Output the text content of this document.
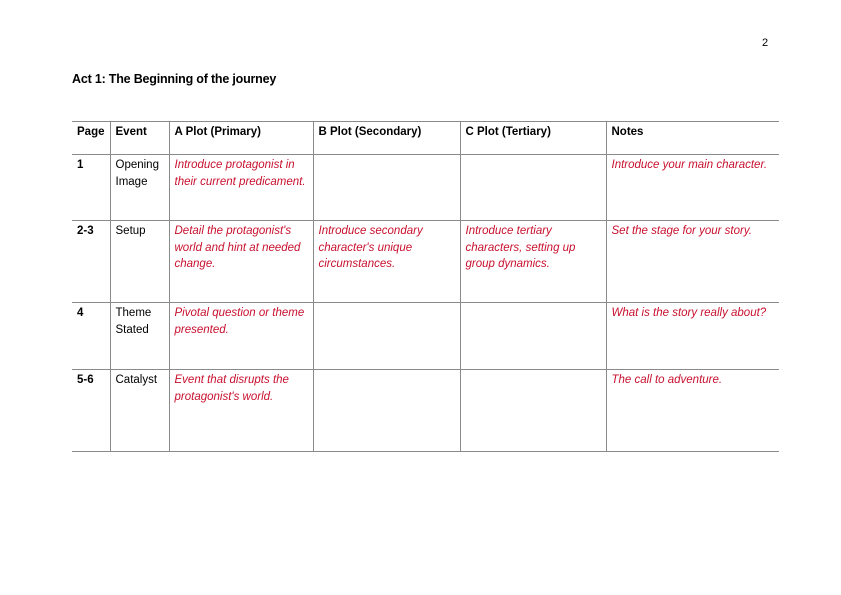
2
Act 1: The Beginning of the journey
Page	Event	A Plot (Primary)	B Plot (Secondary)	C Plot (Tertiary)	Notes
1	Opening Image	Introduce protagonist in their current predicament.			Introduce your main character.
2-3	Setup	Detail the protagonist's world and hint at needed change.	Introduce secondary character's unique circumstances.	Introduce tertiary characters, setting up group dynamics.	Set the stage for your story.
4	Theme Stated	Pivotal question or theme presented.			What is the story really about?
5-6	Catalyst	Event that disrupts the protagonist's world.			The call to adventure.
